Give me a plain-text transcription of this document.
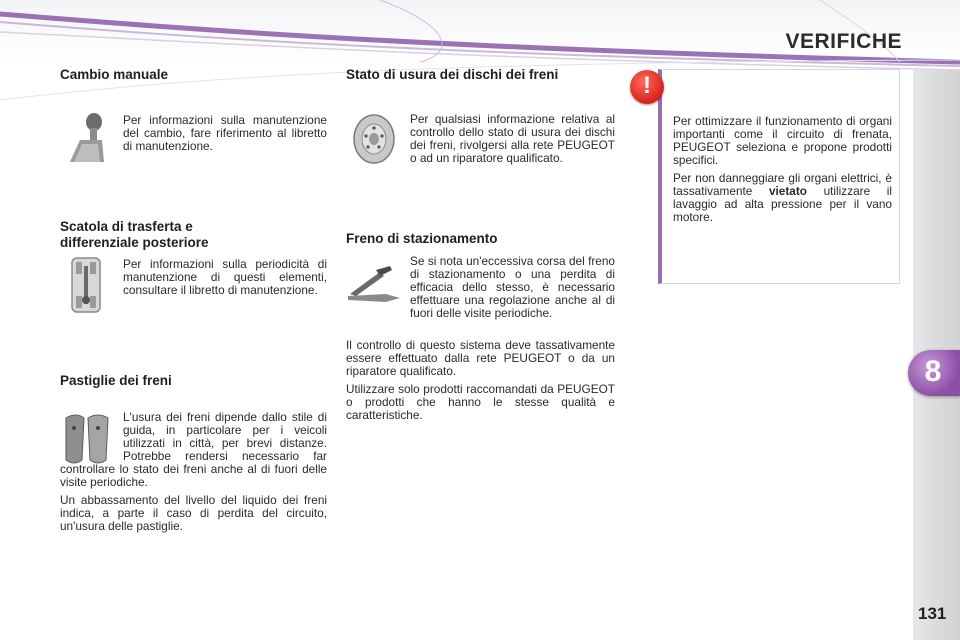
VERIFICHE
8
131
Cambio manuale

Per informazioni sulla manutenzione del cambio, fare riferimento al libretto di manutenzione.

Scatola di trasferta e
differenziale posteriore

Per informazioni sulla periodicità di manutenzione di questi elementi, consultare il libretto di manutenzione.

Pastiglie dei freni

L'usura dei freni dipende dallo stile di guida, in particolare per i veicoli utilizzati in città, per brevi distanze. Potrebbe rendersi necessario far controllare lo stato dei freni anche al di fuori delle visite periodiche.

Un abbassamento del livello del liquido dei freni indica, a parte il caso di perdita del circuito, un'usura delle pastiglie.

Stato di usura dei dischi dei freni

Per qualsiasi informazione relativa al controllo dello stato di usura dei dischi dei freni, rivolgersi alla rete PEUGEOT o ad un riparatore qualificato.

Freno di stazionamento

Se si nota un'eccessiva corsa del freno di stazionamento o una perdita di efficacia dello stesso, è necessario effettuare una regolazione anche al di fuori delle visite periodiche.

Il controllo di questo sistema deve tassativamente essere effettuato dalla rete PEUGEOT o da un riparatore qualificato.

Utilizzare solo prodotti raccomandati da PEUGEOT o prodotti che hanno le stesse qualità e caratteristiche.

!

Per ottimizzare il funzionamento di organi importanti come il circuito di frenata, PEUGEOT seleziona e propone prodotti specifici.

Per non danneggiare gli organi elettrici, è tassativamente vietato utilizzare il lavaggio ad alta pressione per il vano motore.
